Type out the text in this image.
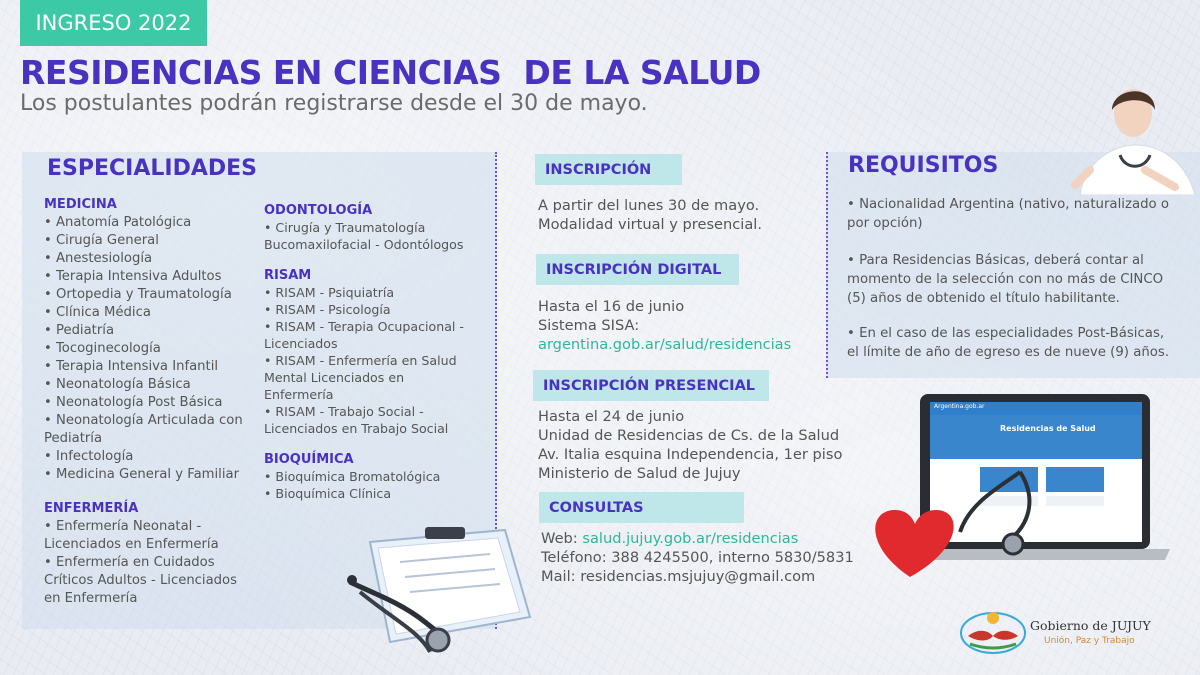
INGRESO 2022
RESIDENCIAS EN CIENCIAS  DE LA SALUD

Los postulantes podrán registrarse desde el 30 de mayo.

ESPECIALIDADES
MEDICINA
• Anatomía Patológica
• Cirugía General
• Anestesiología
• Terapia Intensiva Adultos
• Ortopedia y Traumatología
• Clínica Médica
• Pediatría
• Tocoginecología
• Terapia Intensiva Infantil
• Neonatología Básica
• Neonatología Post Básica
• Neonatología Articulada con Pediatría
• Infectología
• Medicina General y Familiar
ENFERMERÍA
• Enfermería Neonatal - Licenciados en Enfermería
• Enfermería en Cuidados Críticos Adultos - Licenciados en Enfermería
ODONTOLOGÍA
• Cirugía y Traumatología Bucomaxilofacial - Odontólogos
RISAM
• RISAM - Psiquiatría
• RISAM - Psicología
• RISAM - Terapia Ocupacional - Licenciados
• RISAM - Enfermería en Salud Mental Licenciados en Enfermería
• RISAM - Trabajo Social - Licenciados en Trabajo Social
BIOQUÍMICA
• Bioquímica Bromatológica
• Bioquímica Clínica
INSCRIPCIÓN
A partir del lunes 30 de mayo.
Modalidad virtual y presencial.
INSCRIPCIÓN DIGITAL
Hasta el 16 de junio
Sistema SISA:
argentina.gob.ar/salud/residencias
INSCRIPCIÓN PRESENCIAL
Hasta el 24 de junio
Unidad de Residencias de Cs. de la Salud
Av. Italia esquina Independencia, 1er piso
Ministerio de Salud de Jujuy
CONSULTAS
Web: salud.jujuy.gob.ar/residencias
Teléfono: 388 4245500, interno 5830/5831
Mail: residencias.msjujuy@gmail.com
REQUISITOS
• Nacionalidad Argentina (nativo, naturalizado o por opción)
• Para Residencias Básicas, deberá contar al momento de la selección con no más de CINCO (5) años de obtenido el título habilitante.
• En el caso de las especialidades Post-Básicas, el límite de año de egreso es de nueve (9) años.
Argentina.gob.ar
Residencias de Salud
Gobierno de JUJUY
Unión, Paz y Trabajo
